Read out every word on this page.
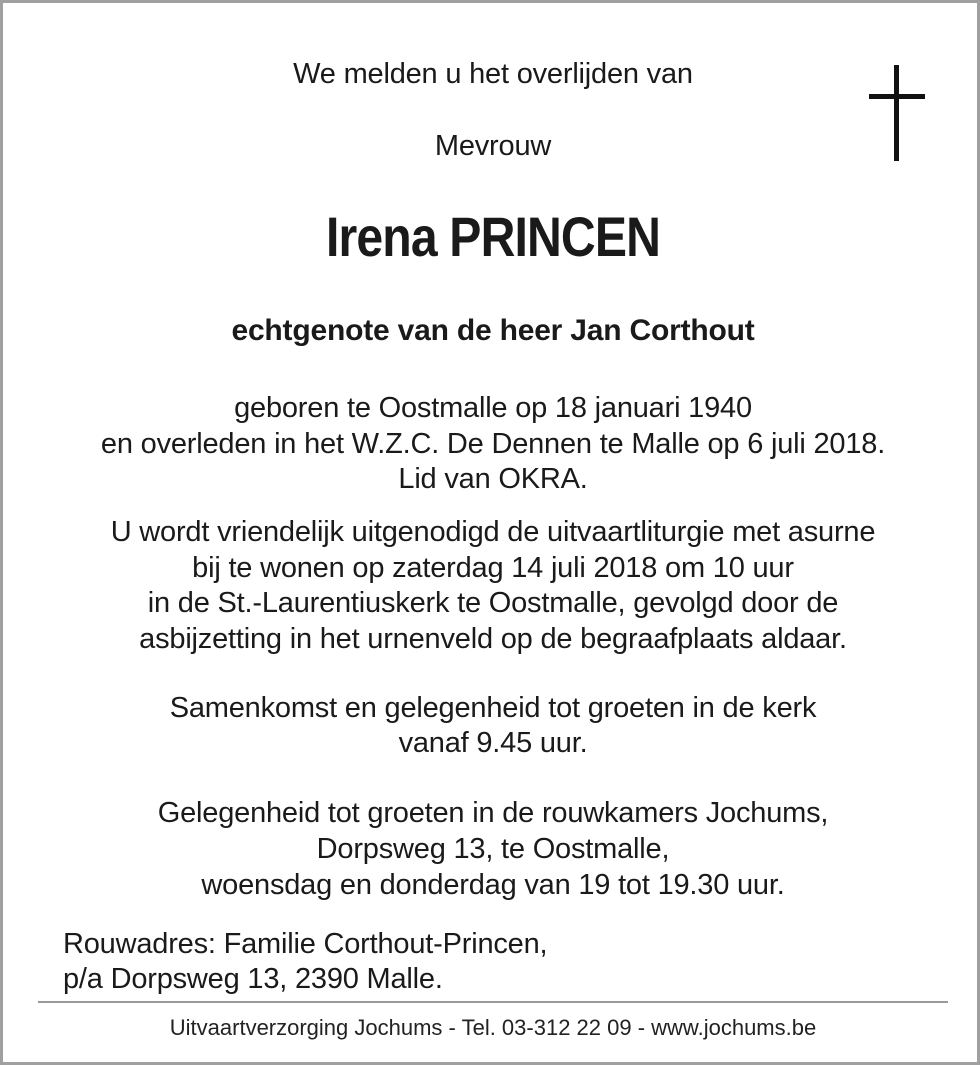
We melden u het overlijden van
Mevrouw
Irena PRINCEN
echtgenote van de heer Jan Corthout
geboren te Oostmalle op 18 januari 1940
en overleden in het W.Z.C. De Dennen te Malle op 6 juli 2018.
Lid van OKRA.
U wordt vriendelijk uitgenodigd de uitvaartliturgie met asurne
bij te wonen op zaterdag 14 juli 2018 om 10 uur
in de St.-Laurentiuskerk te Oostmalle, gevolgd door de
asbijzetting in het urnenveld op de begraafplaats aldaar.
Samenkomst en gelegenheid tot groeten in de kerk
vanaf 9.45 uur.
Gelegenheid tot groeten in de rouwkamers Jochums,
Dorpsweg 13, te Oostmalle,
woensdag en donderdag van 19 tot 19.30 uur.
Rouwadres: Familie Corthout-Princen,
p/a Dorpsweg 13, 2390 Malle.
Uitvaartverzorging Jochums - Tel. 03-312 22 09 - www.jochums.be
